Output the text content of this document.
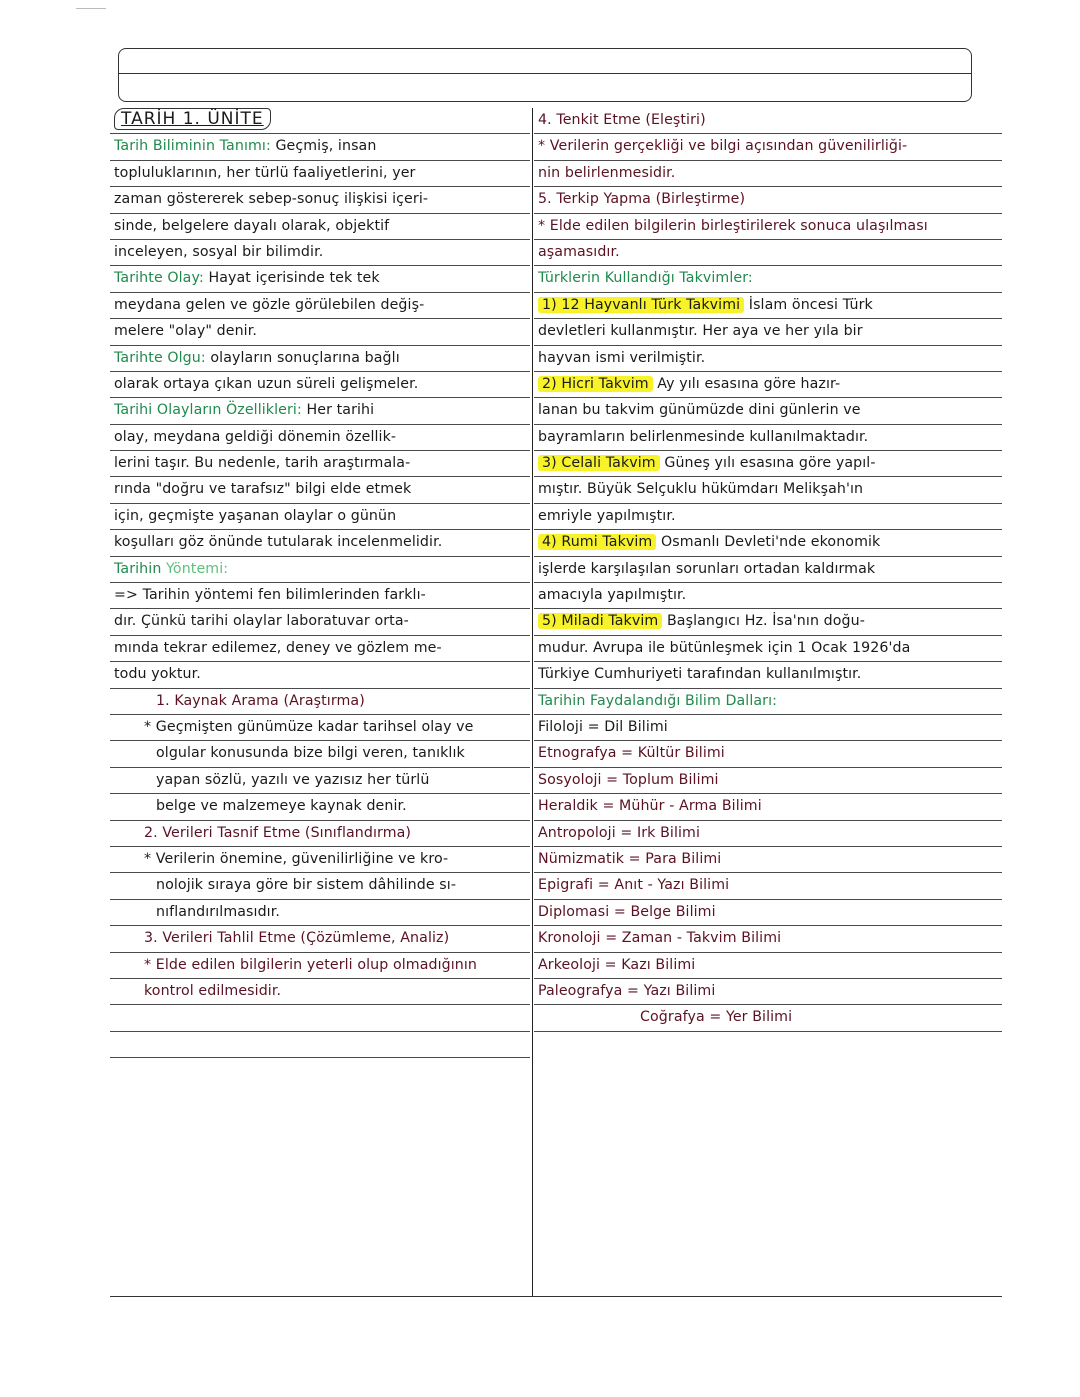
TARİH 1. ÜNİTE
Tarih Biliminin Tanımı: Geçmiş, insan
topluluklarının, her türlü faaliyetlerini, yer
zaman göstererek sebep-sonuç ilişkisi içeri-
sinde, belgelere dayalı olarak, objektif
inceleyen, sosyal bir bilimdir.
Tarihte Olay: Hayat içerisinde tek tek
meydana gelen ve gözle görülebilen değiş-
melere "olay" denir.
Tarihte Olgu: olayların sonuçlarına bağlı
olarak ortaya çıkan uzun süreli gelişmeler.
Tarihi Olayların Özellikleri: Her tarihi
olay, meydana geldiği dönemin özellik-
lerini taşır. Bu nedenle, tarih araştırmala-
rında "doğru ve tarafsız" bilgi elde etmek
için, geçmişte yaşanan olaylar o günün
koşulları göz önünde tutularak incelenmelidir.
Tarihin Yöntemi:
=> Tarihin yöntemi fen bilimlerinden farklı-
dır. Çünkü tarihi olaylar laboratuvar orta-
mında tekrar edilemez, deney ve gözlem me-
todu yoktur.
1. Kaynak Arama (Araştırma)
* Geçmişten günümüze kadar tarihsel olay ve
olgular konusunda bize bilgi veren, tanıklık
yapan sözlü, yazılı ve yazısız her türlü
belge ve malzemeye kaynak denir.
2. Verileri Tasnif Etme (Sınıflandırma)
* Verilerin önemine, güvenilirliğine ve kro-
nolojik sıraya göre bir sistem dâhilinde sı-
nıflandırılmasıdır.
3. Verileri Tahlil Etme (Çözümleme, Analiz)
* Elde edilen bilgilerin yeterli olup olmadığının
kontrol edilmesidir.
4. Tenkit Etme (Eleştiri)
* Verilerin gerçekliği ve bilgi açısından güvenilirliği-
nin belirlenmesidir.
5. Terkip Yapma (Birleştirme)
* Elde edilen bilgilerin birleştirilerek sonuca ulaşılması
aşamasıdır.
Türklerin Kullandığı Takvimler:
1) 12 Hayvanlı Türk Takvimi İslam öncesi Türk
devletleri kullanmıştır. Her aya ve her yıla bir
hayvan ismi verilmiştir.
2) Hicri Takvim Ay yılı esasına göre hazır-
lanan bu takvim günümüzde dini günlerin ve
bayramların belirlenmesinde kullanılmaktadır.
3) Celali Takvim Güneş yılı esasına göre yapıl-
mıştır. Büyük Selçuklu hükümdarı Melikşah'ın
emriyle yapılmıştır.
4) Rumi Takvim Osmanlı Devleti'nde ekonomik
işlerde karşılaşılan sorunları ortadan kaldırmak
amacıyla yapılmıştır.
5) Miladi Takvim Başlangıcı Hz. İsa'nın doğu-
mudur. Avrupa ile bütünleşmek için 1 Ocak 1926'da
Türkiye Cumhuriyeti tarafından kullanılmıştır.
Tarihin Faydalandığı Bilim Dalları:
Filoloji = Dil Bilimi
Etnografya = Kültür Bilimi
Sosyoloji = Toplum Bilimi
Heraldik = Mühür - Arma Bilimi
Antropoloji = Irk Bilimi
Nümizmatik = Para Bilimi
Epigrafi = Anıt - Yazı Bilimi
Diplomasi = Belge Bilimi
Kronoloji = Zaman - Takvim Bilimi
Arkeoloji = Kazı Bilimi
Paleografya = Yazı Bilimi
Coğrafya = Yer Bilimi
